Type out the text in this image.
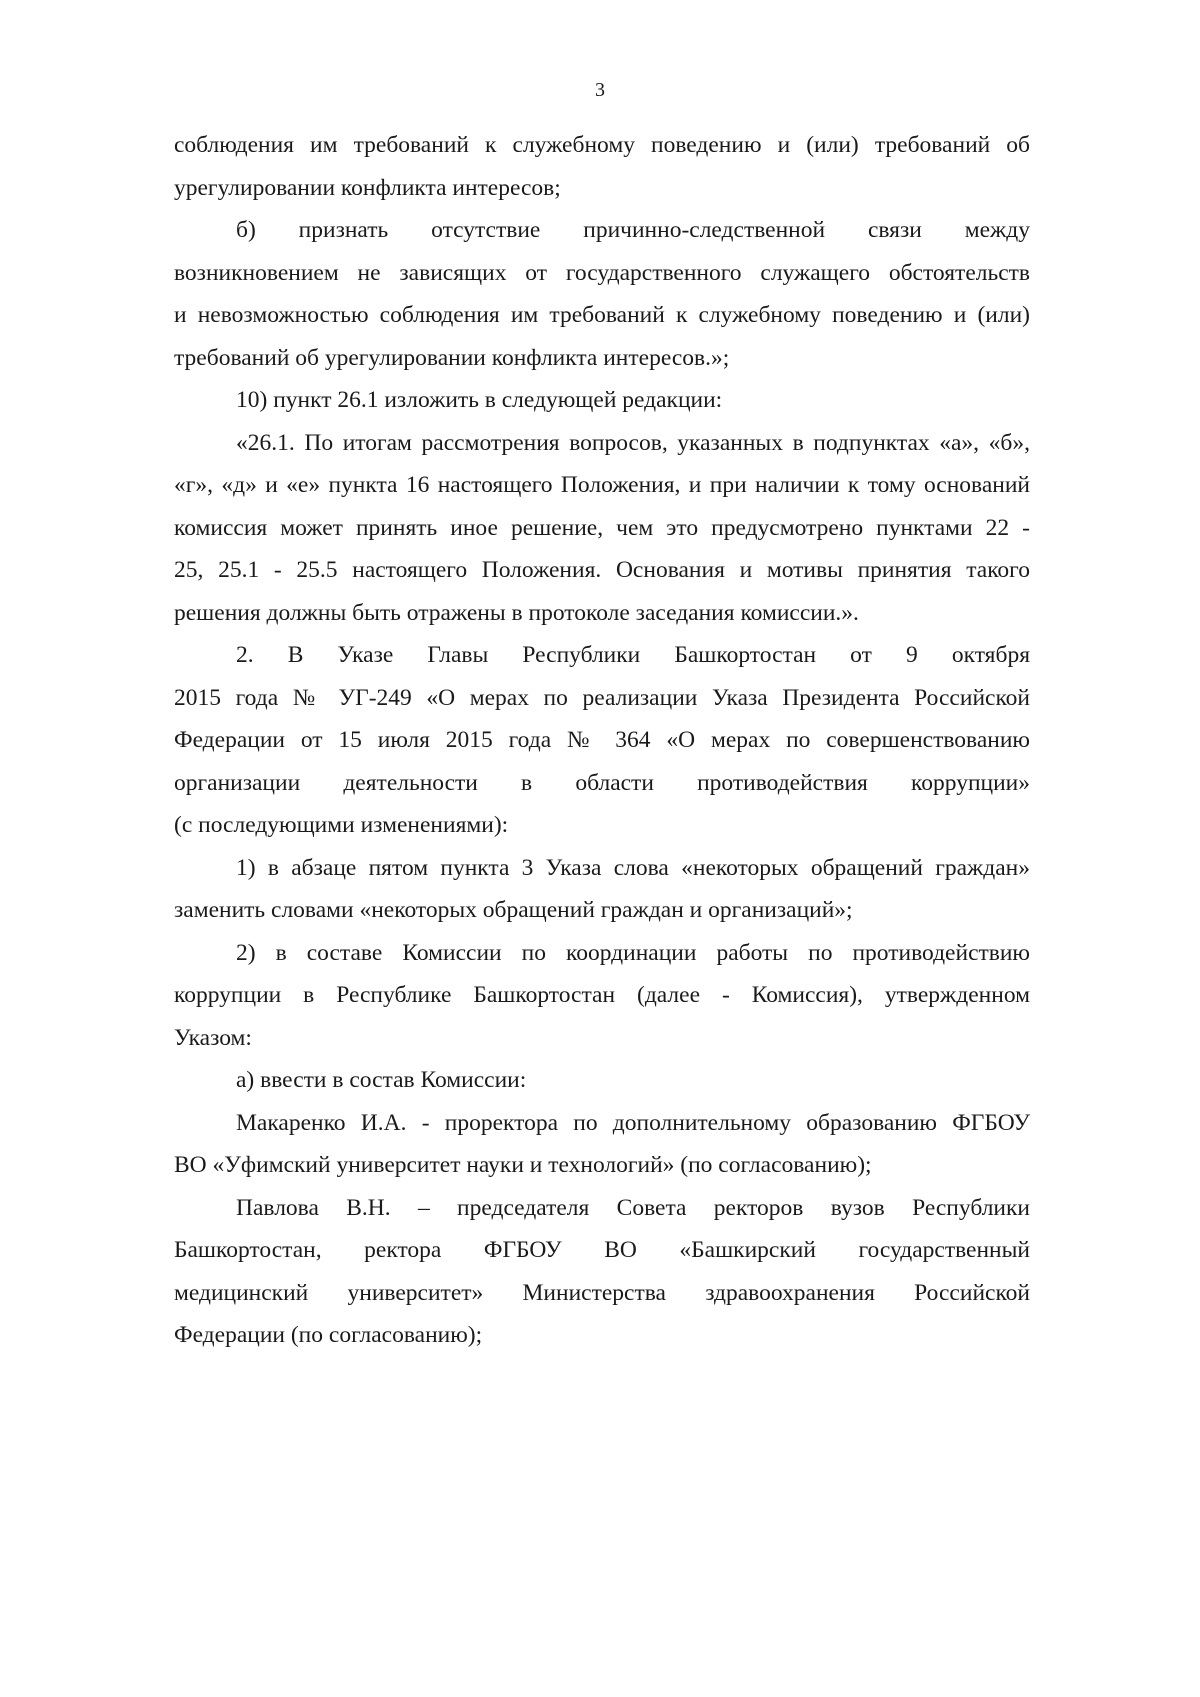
3
соблюдения им требований к служебному поведению и (или) требований об
урегулировании конфликта интересов;
б) признать отсутствие причинно-следственной связи между
возникновением не зависящих от государственного служащего обстоятельств
и невозможностью соблюдения им требований к служебному поведению и (или)
требований об урегулировании конфликта интересов.»;
10) пункт 26.1 изложить в следующей редакции:
«26.1. По итогам рассмотрения вопросов, указанных в подпунктах «а», «б»,
«г», «д» и «е» пункта 16 настоящего Положения, и при наличии к тому оснований
комиссия может принять иное решение, чем это предусмотрено пунктами 22 -
25, 25.1 - 25.5 настоящего Положения. Основания и мотивы принятия такого
решения должны быть отражены в протоколе заседания комиссии.».
2. В Указе Главы Республики Башкортостан от 9 октября
2015 года № УГ-249 «О мерах по реализации Указа Президента Российской
Федерации от 15 июля 2015 года № 364 «О мерах по совершенствованию
организации деятельности в области противодействия коррупции»
(с последующими изменениями):
1) в абзаце пятом пункта 3 Указа слова «некоторых обращений граждан»
заменить словами «некоторых обращений граждан и организаций»;
2) в составе Комиссии по координации работы по противодействию
коррупции в Республике Башкортостан (далее - Комиссия), утвержденном
Указом:
а) ввести в состав Комиссии:
Макаренко И.А. - проректора по дополнительному образованию ФГБОУ
ВО «Уфимский университет науки и технологий» (по согласованию);
Павлова В.Н. – председателя Совета ректоров вузов Республики
Башкортостан, ректора ФГБОУ ВО «Башкирский государственный
медицинский университет» Министерства здравоохранения Российской
Федерации (по согласованию);
